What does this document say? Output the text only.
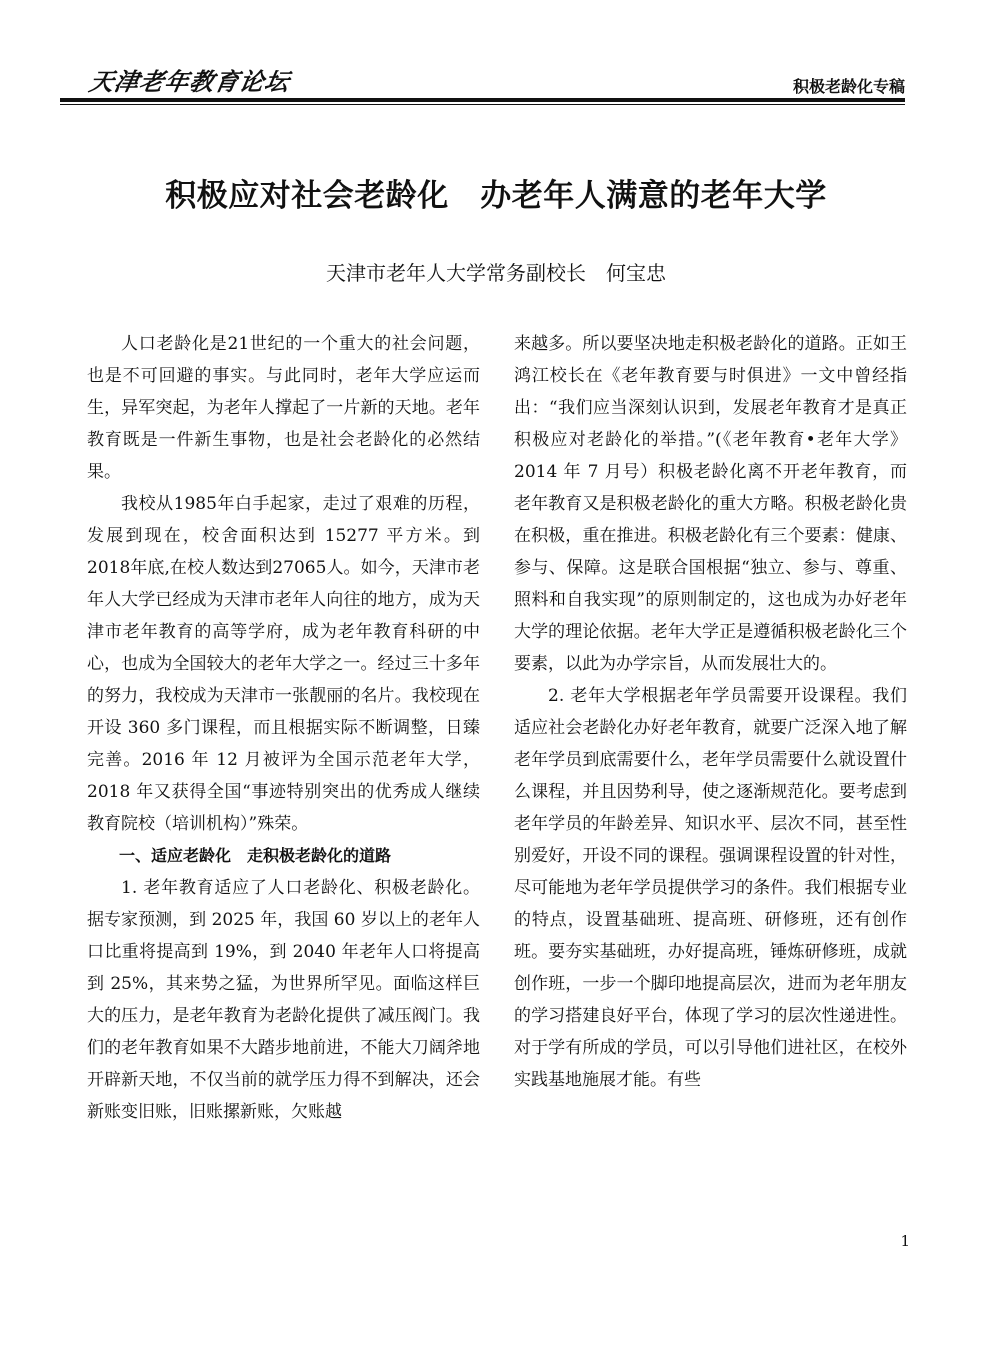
天津老年教育论坛	积极老龄化专稿
积极应对社会老龄化　办老年人满意的老年大学
天津市老年人大学常务副校长　何宝忠

人口老龄化是21世纪的一个重大的社会问题，也是不可回避的事实。与此同时，老年大学应运而生，异军突起，为老年人撑起了一片新的天地。老年教育既是一件新生事物，也是社会老龄化的必然结果。

我校从1985年白手起家，走过了艰难的历程，发展到现在，校舍面积达到 15277 平方米。到2018年底,在校人数达到27065人。如今，天津市老年人大学已经成为天津市老年人向往的地方，成为天津市老年教育的高等学府，成为老年教育科研的中心，也成为全国较大的老年大学之一。经过三十多年的努力，我校成为天津市一张靓丽的名片。我校现在开设 360 多门课程，而且根据实际不断调整，日臻完善。2016 年 12 月被评为全国示范老年大学，2018 年又获得全国“事迹特别突出的优秀成人继续教育院校（培训机构）”殊荣。

一、适应老龄化　走积极老龄化的道路

1. 老年教育适应了人口老龄化、积极老龄化。据专家预测，到 2025 年，我国 60 岁以上的老年人口比重将提高到 19%，到 2040 年老年人口将提高到 25%，其来势之猛，为世界所罕见。面临这样巨大的压力，是老年教育为老龄化提供了减压阀门。我们的老年教育如果不大踏步地前进，不能大刀阔斧地开辟新天地，不仅当前的就学压力得不到解决，还会新账变旧账，旧账摞新账，欠账越

来越多。所以要坚决地走积极老龄化的道路。正如王鸿江校长在《老年教育要与时俱进》一文中曾经指出：“我们应当深刻认识到，发展老年教育才是真正积极应对老龄化的举措。”(《老年教育•老年大学》2014 年 7 月号）积极老龄化离不开老年教育，而老年教育又是积极老龄化的重大方略。积极老龄化贵在积极，重在推进。积极老龄化有三个要素：健康、参与、保障。这是联合国根据“独立、参与、尊重、照料和自我实现”的原则制定的，这也成为办好老年大学的理论依据。老年大学正是遵循积极老龄化三个要素，以此为办学宗旨，从而发展壮大的。

2. 老年大学根据老年学员需要开设课程。我们适应社会老龄化办好老年教育，就要广泛深入地了解老年学员到底需要什么，老年学员需要什么就设置什么课程，并且因势利导，使之逐渐规范化。要考虑到老年学员的年龄差异、知识水平、层次不同，甚至性别爱好，开设不同的课程。强调课程设置的针对性，尽可能地为老年学员提供学习的条件。我们根据专业的特点，设置基础班、提高班、研修班，还有创作班。要夯实基础班，办好提高班，锤炼研修班，成就创作班，一步一个脚印地提高层次，进而为老年朋友的学习搭建良好平台，体现了学习的层次性递进性。对于学有所成的学员，可以引导他们进社区，在校外实践基地施展才能。有些

1
